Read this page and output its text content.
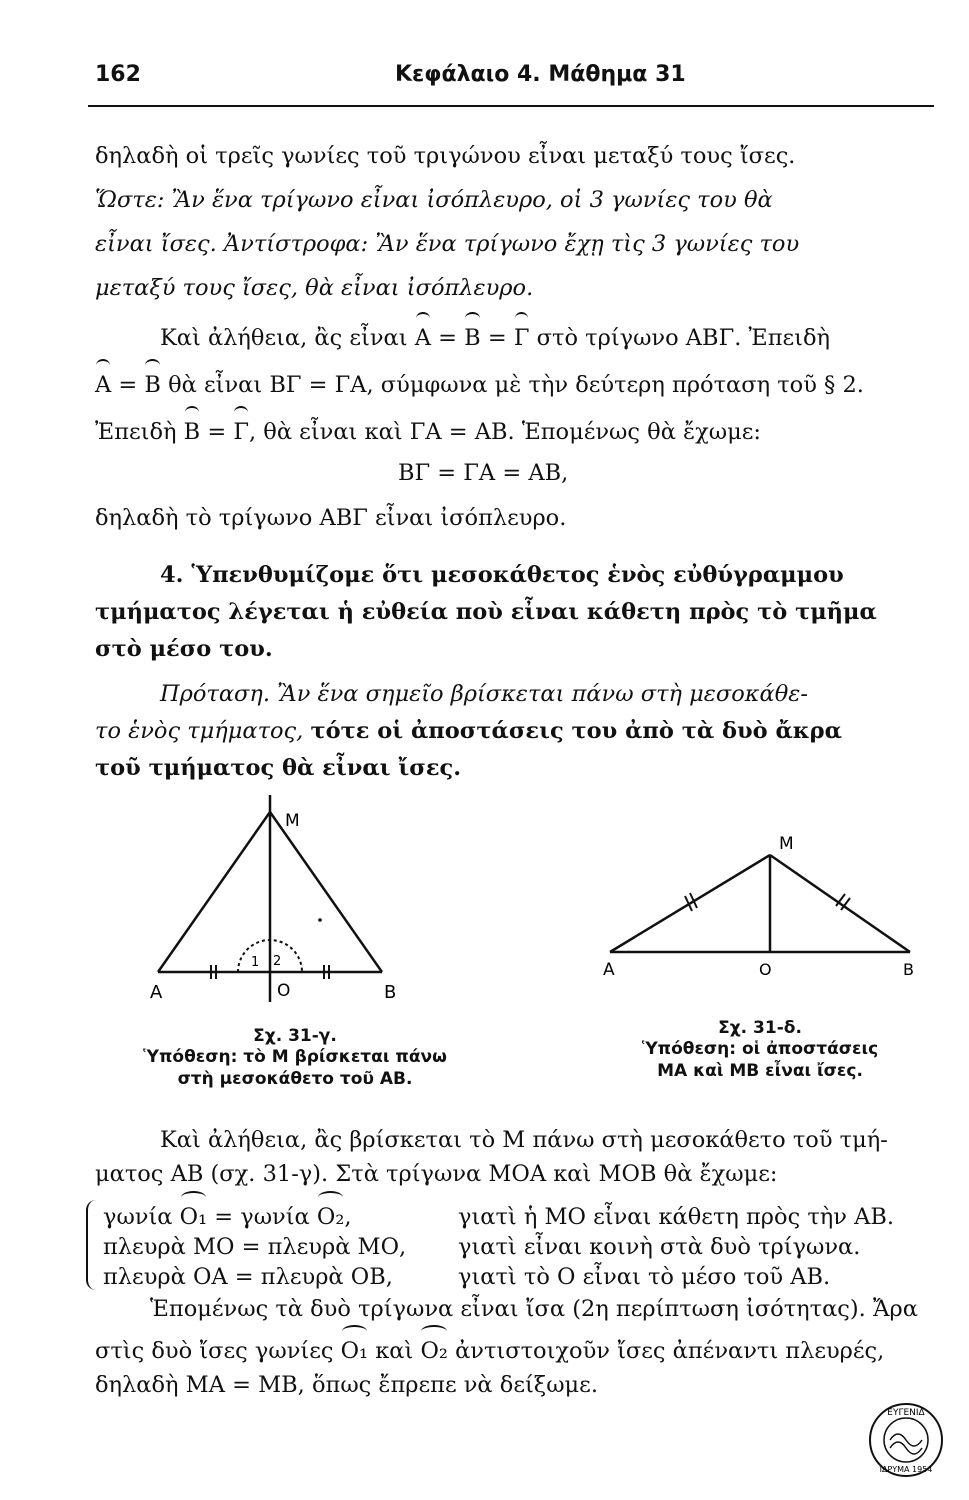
162	Κεφάλαιο 4. Μάθημα 31
δηλαδὴ οἱ τρεῖς γωνίες τοῦ τριγώνου εἶναι μεταξύ τους ἴσες.
Ὥστε: Ἂν ἕνα τρίγωνο εἶναι ἰσόπλευρο, οἱ 3 γωνίες του θὰ
εἶναι ἴσες. Ἀντίστροφα: Ἂν ἕνα τρίγωνο ἔχῃ τὶς 3 γωνίες του
μεταξύ τους ἴσες, θὰ εἶναι ἰσόπλευρο.
Καὶ ἀλήθεια, ἂς εἶναι A = B = Γ στὸ τρίγωνο ΑΒΓ. Ἐπειδὴ
A = B θὰ εἶναι ΒΓ = ΓΑ, σύμφωνα μὲ τὴν δεύτερη πρόταση τοῦ § 2.
Ἐπειδὴ B = Γ, θὰ εἶναι καὶ ΓΑ = ΑΒ. Ἑπομένως θὰ ἔχωμε:
ΒΓ = ΓΑ = ΑΒ,
δηλαδὴ τὸ τρίγωνο ΑΒΓ εἶναι ἰσόπλευρο.
4. Ὑπενθυμίζομε ὅτι μεσοκάθετος ἑνὸς εὐθύγραμμου
τμήματος λέγεται ἡ εὐθεία ποὺ εἶναι κάθετη πρὸς τὸ τμῆμα
στὸ μέσο του.
Πρόταση. Ἂν ἕνα σημεῖο βρίσκεται πάνω στὴ μεσοκάθε-
το ἑνὸς τμήματος, τότε οἱ ἀποστάσεις του ἀπὸ τὰ δυὸ ἄκρα
τοῦ τμήματος θὰ εἶναι ἴσες.
M
A	O	B
1 2
Σχ. 31-γ.
Ὑπόθεση: τὸ Μ βρίσκεται πάνω
στὴ μεσοκάθετο τοῦ ΑΒ.
M
A	O	B
Σχ. 31-δ.
Ὑπόθεση: οἱ ἀποστάσεις
ΜΑ καὶ ΜΒ εἶναι ἴσες.
Καὶ ἀλήθεια, ἂς βρίσκεται τὸ Μ πάνω στὴ μεσοκάθετο τοῦ τμή-
ματος ΑΒ (σχ. 31-γ). Στὰ τρίγωνα ΜΟΑ καὶ ΜΟΒ θὰ ἔχωμε:
γωνία O₁ = γωνία O₂,	γιατὶ ἡ ΜΟ εἶναι κάθετη πρὸς τὴν ΑΒ.
πλευρὰ ΜΟ = πλευρὰ ΜΟ, γιατὶ εἶναι κοινὴ στὰ δυὸ τρίγωνα.
πλευρὰ ΟΑ = πλευρὰ ΟΒ,	γιατὶ τὸ Ο εἶναι τὸ μέσο τοῦ ΑΒ.
Ἑπομένως τὰ δυὸ τρίγωνα εἶναι ἴσα (2η περίπτωση ἰσότητας). Ἄρα
στὶς δυὸ ἴσες γωνίες O₁ καὶ O₂ ἀντιστοιχοῦν ἴσες ἀπέναντι πλευρές,
δηλαδὴ ΜΑ = ΜΒ, ὅπως ἔπρεπε νὰ δείξωμε.
ΕΥΓΕΝΙΔ
ΙΔΡΥΜΑ 1954
